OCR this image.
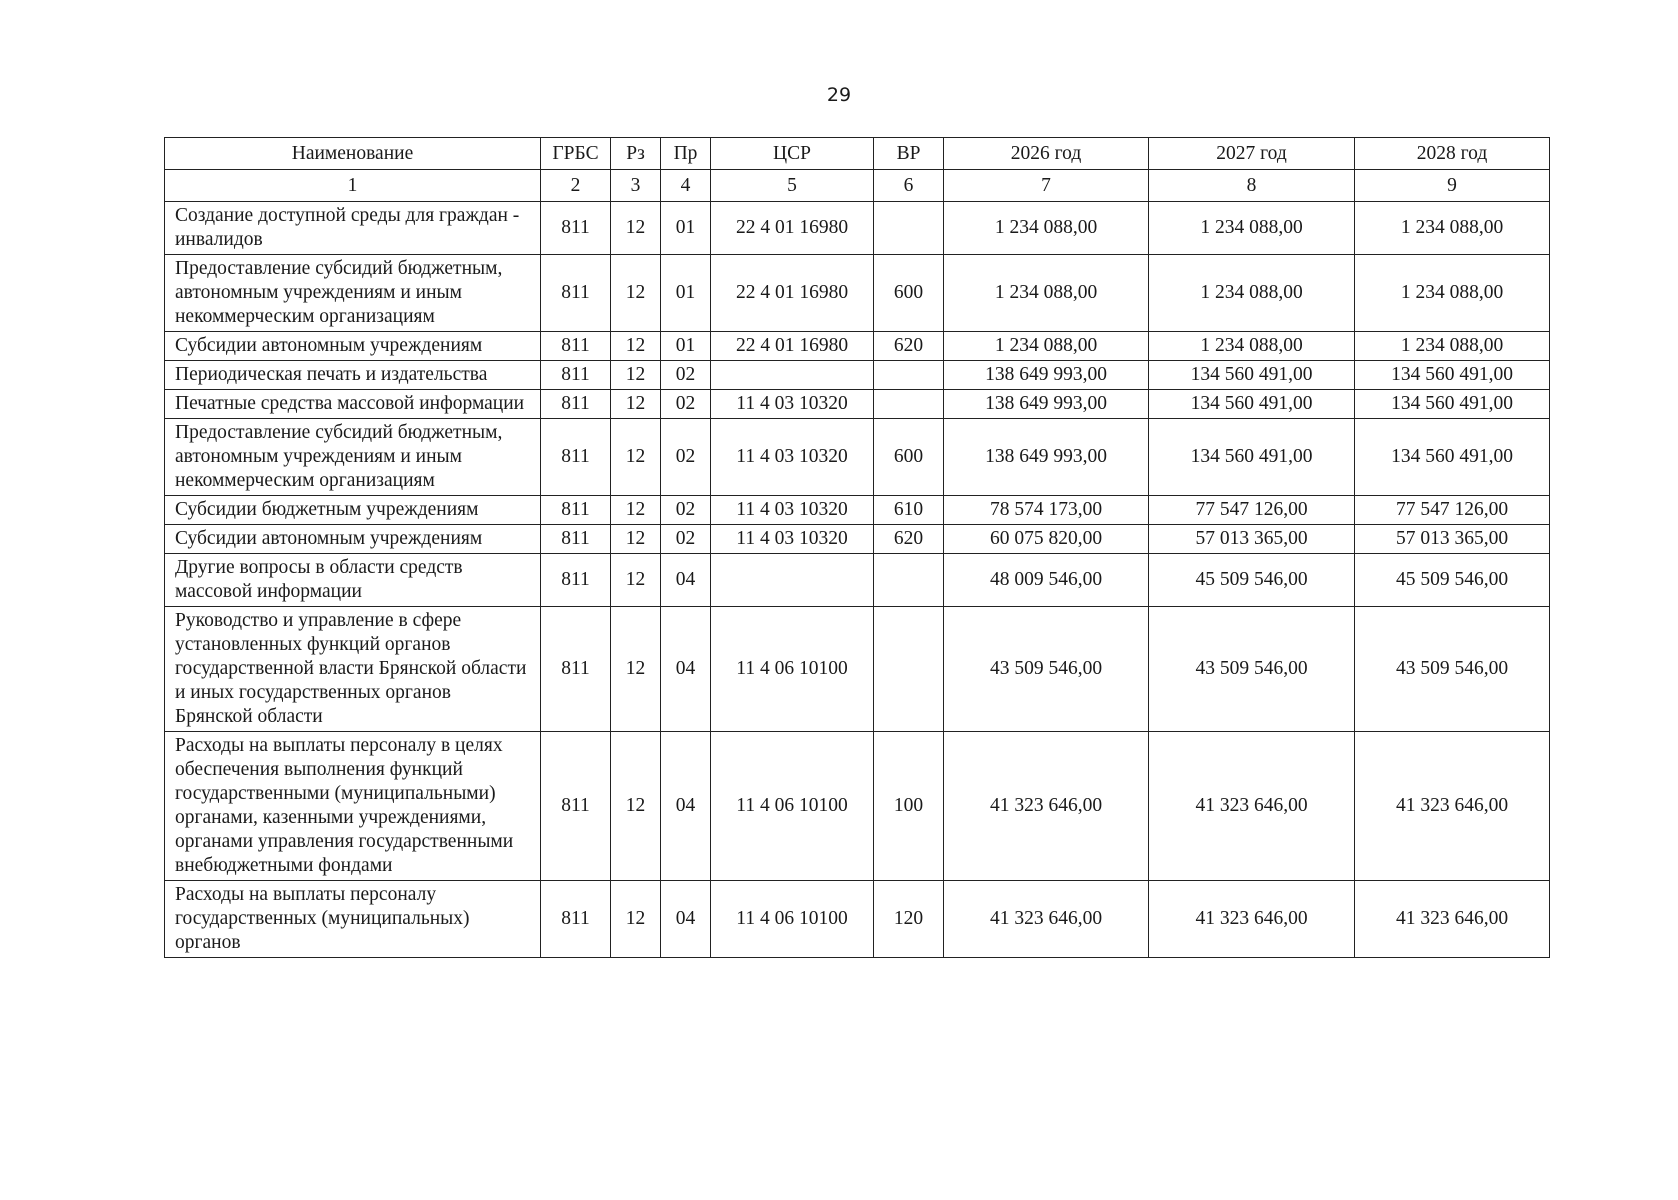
29
Наименование	ГРБС	Рз	Пр	ЦСР	ВР	2026 год	2027 год	2028 год
1	2	3	4	5	6	7	8	9
Создание доступной среды для граждан - инвалидов	811	12	01	22 4 01 16980		1 234 088,00	1 234 088,00	1 234 088,00
Предоставление субсидий бюджетным, автономным учреждениям и иным некоммерческим организациям	811	12	01	22 4 01 16980	600	1 234 088,00	1 234 088,00	1 234 088,00
Субсидии автономным учреждениям	811	12	01	22 4 01 16980	620	1 234 088,00	1 234 088,00	1 234 088,00
Периодическая печать и издательства	811	12	02			138 649 993,00	134 560 491,00	134 560 491,00
Печатные средства массовой информации	811	12	02	11 4 03 10320		138 649 993,00	134 560 491,00	134 560 491,00
Предоставление субсидий бюджетным, автономным учреждениям и иным некоммерческим организациям	811	12	02	11 4 03 10320	600	138 649 993,00	134 560 491,00	134 560 491,00
Субсидии бюджетным учреждениям	811	12	02	11 4 03 10320	610	78 574 173,00	77 547 126,00	77 547 126,00
Субсидии автономным учреждениям	811	12	02	11 4 03 10320	620	60 075 820,00	57 013 365,00	57 013 365,00
Другие вопросы в области средств массовой информации	811	12	04			48 009 546,00	45 509 546,00	45 509 546,00
Руководство и управление в сфере установленных функций органов государственной власти Брянской области и иных государственных органов Брянской области	811	12	04	11 4 06 10100		43 509 546,00	43 509 546,00	43 509 546,00
Расходы на выплаты персоналу в целях обеспечения выполнения функций государственными (муниципальными) органами, казенными учреждениями, органами управления государственными внебюджетными фондами	811	12	04	11 4 06 10100	100	41 323 646,00	41 323 646,00	41 323 646,00
Расходы на выплаты персоналу государственных (муниципальных) органов	811	12	04	11 4 06 10100	120	41 323 646,00	41 323 646,00	41 323 646,00
